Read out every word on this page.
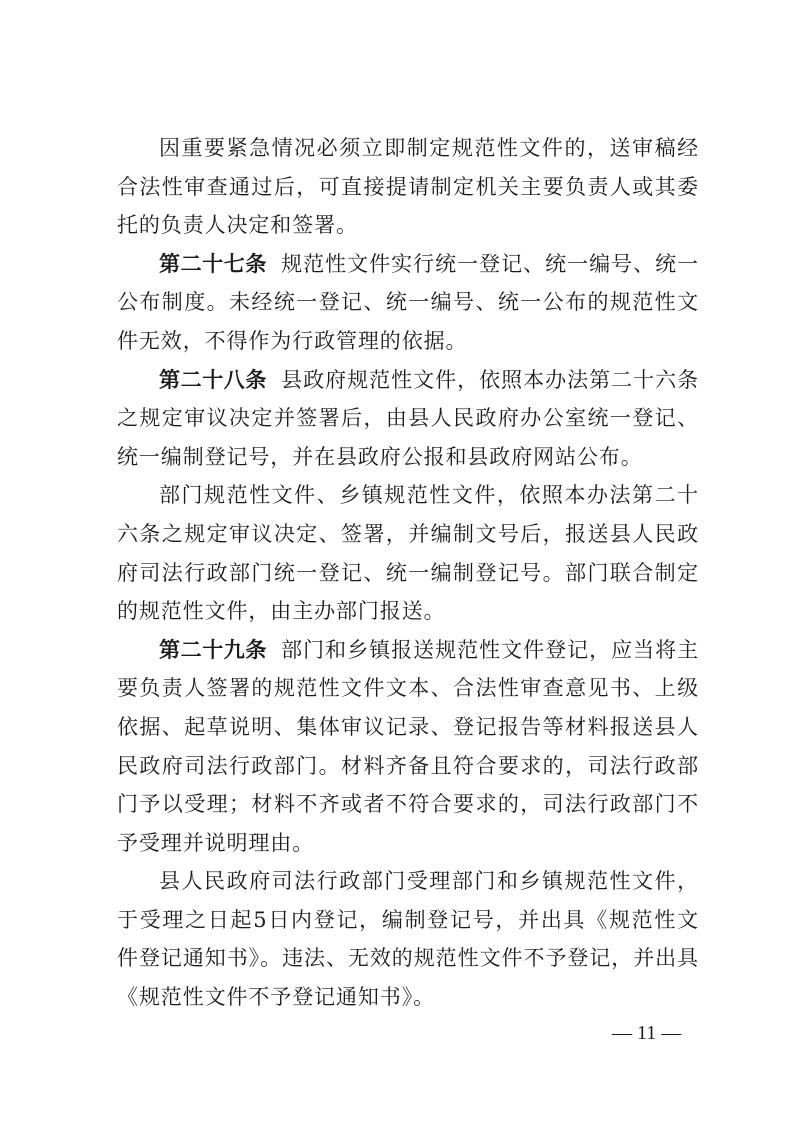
因重要紧急情况必须立即制定规范性文件的，送审稿经合法性审查通过后，可直接提请制定机关主要负责人或其委托的负责人决定和签署。

第二十七条 规范性文件实行统一登记、统一编号、统一公布制度。未经统一登记、统一编号、统一公布的规范性文件无效，不得作为行政管理的依据。

第二十八条 县政府规范性文件，依照本办法第二十六条之规定审议决定并签署后，由县人民政府办公室统一登记、统一编制登记号，并在县政府公报和县政府网站公布。

部门规范性文件、乡镇规范性文件，依照本办法第二十六条之规定审议决定、签署，并编制文号后，报送县人民政府司法行政部门统一登记、统一编制登记号。部门联合制定的规范性文件，由主办部门报送。

第二十九条 部门和乡镇报送规范性文件登记，应当将主要负责人签署的规范性文件文本、合法性审查意见书、上级依据、起草说明、集体审议记录、登记报告等材料报送县人民政府司法行政部门。材料齐备且符合要求的，司法行政部门予以受理；材料不齐或者不符合要求的，司法行政部门不予受理并说明理由。

县人民政府司法行政部门受理部门和乡镇规范性文件，于受理之日起5日内登记，编制登记号，并出具《规范性文件登记通知书》。违法、无效的规范性文件不予登记，并出具《规范性文件不予登记通知书》。

— 11 —
